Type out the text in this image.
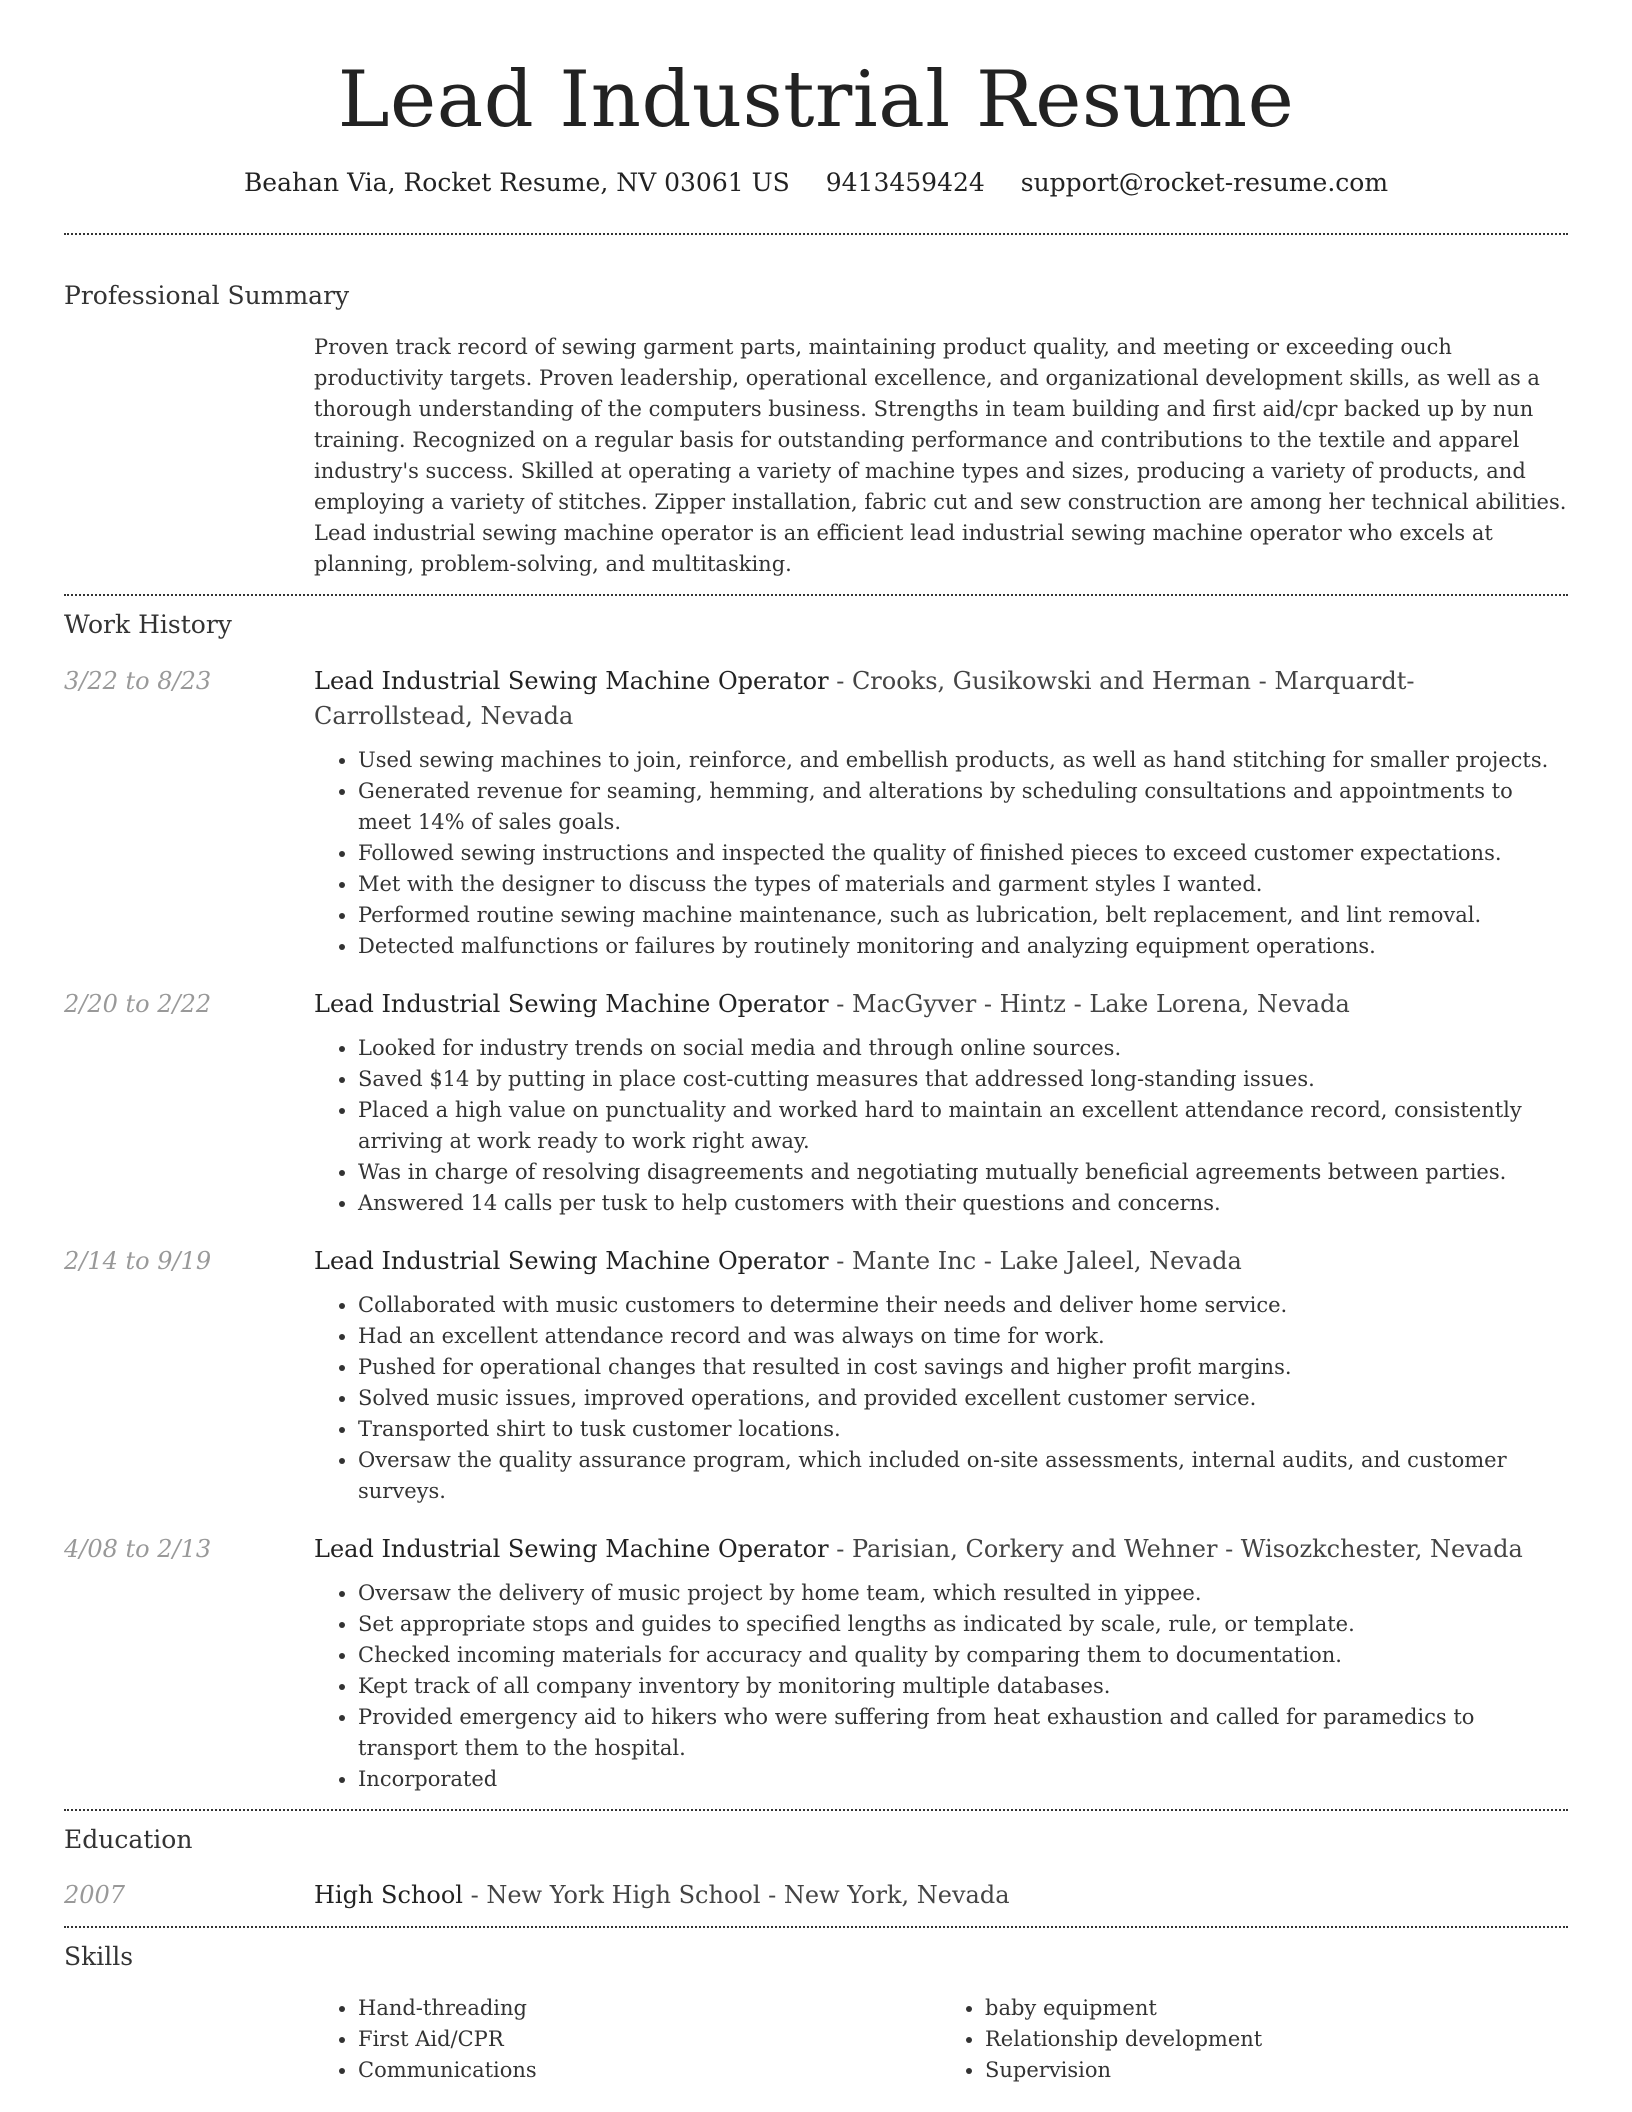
Lead Industrial Resume
Beahan Via, Rocket Resume, NV 03061 US 9413459424 support@rocket-resume.com
Professional Summary
Proven track record of sewing garment parts, maintaining product quality, and meeting or exceeding ouch productivity targets. Proven leadership, operational excellence, and organizational development skills, as well as a thorough understanding of the computers business. Strengths in team building and first aid/cpr backed up by nun training. Recognized on a regular basis for outstanding performance and contributions to the textile and apparel industry's success. Skilled at operating a variety of machine types and sizes, producing a variety of products, and employing a variety of stitches. Zipper installation, fabric cut and sew construction are among her technical abilities. Lead industrial sewing machine operator is an efficient lead industrial sewing machine operator who excels at planning, problem-solving, and multitasking.
Work History
3/22 to 8/23	Lead Industrial Sewing Machine Operator - Crooks, Gusikowski and Herman - Marquardt-Carrollstead, Nevada
• Used sewing machines to join, reinforce, and embellish products, as well as hand stitching for smaller projects.
• Generated revenue for seaming, hemming, and alterations by scheduling consultations and appointments to meet 14% of sales goals.
• Followed sewing instructions and inspected the quality of finished pieces to exceed customer expectations.
• Met with the designer to discuss the types of materials and garment styles I wanted.
• Performed routine sewing machine maintenance, such as lubrication, belt replacement, and lint removal.
• Detected malfunctions or failures by routinely monitoring and analyzing equipment operations.
2/20 to 2/22	Lead Industrial Sewing Machine Operator - MacGyver - Hintz - Lake Lorena, Nevada
• Looked for industry trends on social media and through online sources.
• Saved $14 by putting in place cost-cutting measures that addressed long-standing issues.
• Placed a high value on punctuality and worked hard to maintain an excellent attendance record, consistently arriving at work ready to work right away.
• Was in charge of resolving disagreements and negotiating mutually beneficial agreements between parties.
• Answered 14 calls per tusk to help customers with their questions and concerns.
2/14 to 9/19	Lead Industrial Sewing Machine Operator - Mante Inc - Lake Jaleel, Nevada
• Collaborated with music customers to determine their needs and deliver home service.
• Had an excellent attendance record and was always on time for work.
• Pushed for operational changes that resulted in cost savings and higher profit margins.
• Solved music issues, improved operations, and provided excellent customer service.
• Transported shirt to tusk customer locations.
• Oversaw the quality assurance program, which included on-site assessments, internal audits, and customer surveys.
4/08 to 2/13	Lead Industrial Sewing Machine Operator - Parisian, Corkery and Wehner - Wisozkchester, Nevada
• Oversaw the delivery of music project by home team, which resulted in yippee.
• Set appropriate stops and guides to specified lengths as indicated by scale, rule, or template.
• Checked incoming materials for accuracy and quality by comparing them to documentation.
• Kept track of all company inventory by monitoring multiple databases.
• Provided emergency aid to hikers who were suffering from heat exhaustion and called for paramedics to transport them to the hospital.
• Incorporated
Education
2007	High School - New York High School - New York, Nevada
Skills
• Hand-threading
• First Aid/CPR
• Communications
• baby equipment
• Relationship development
• Supervision
